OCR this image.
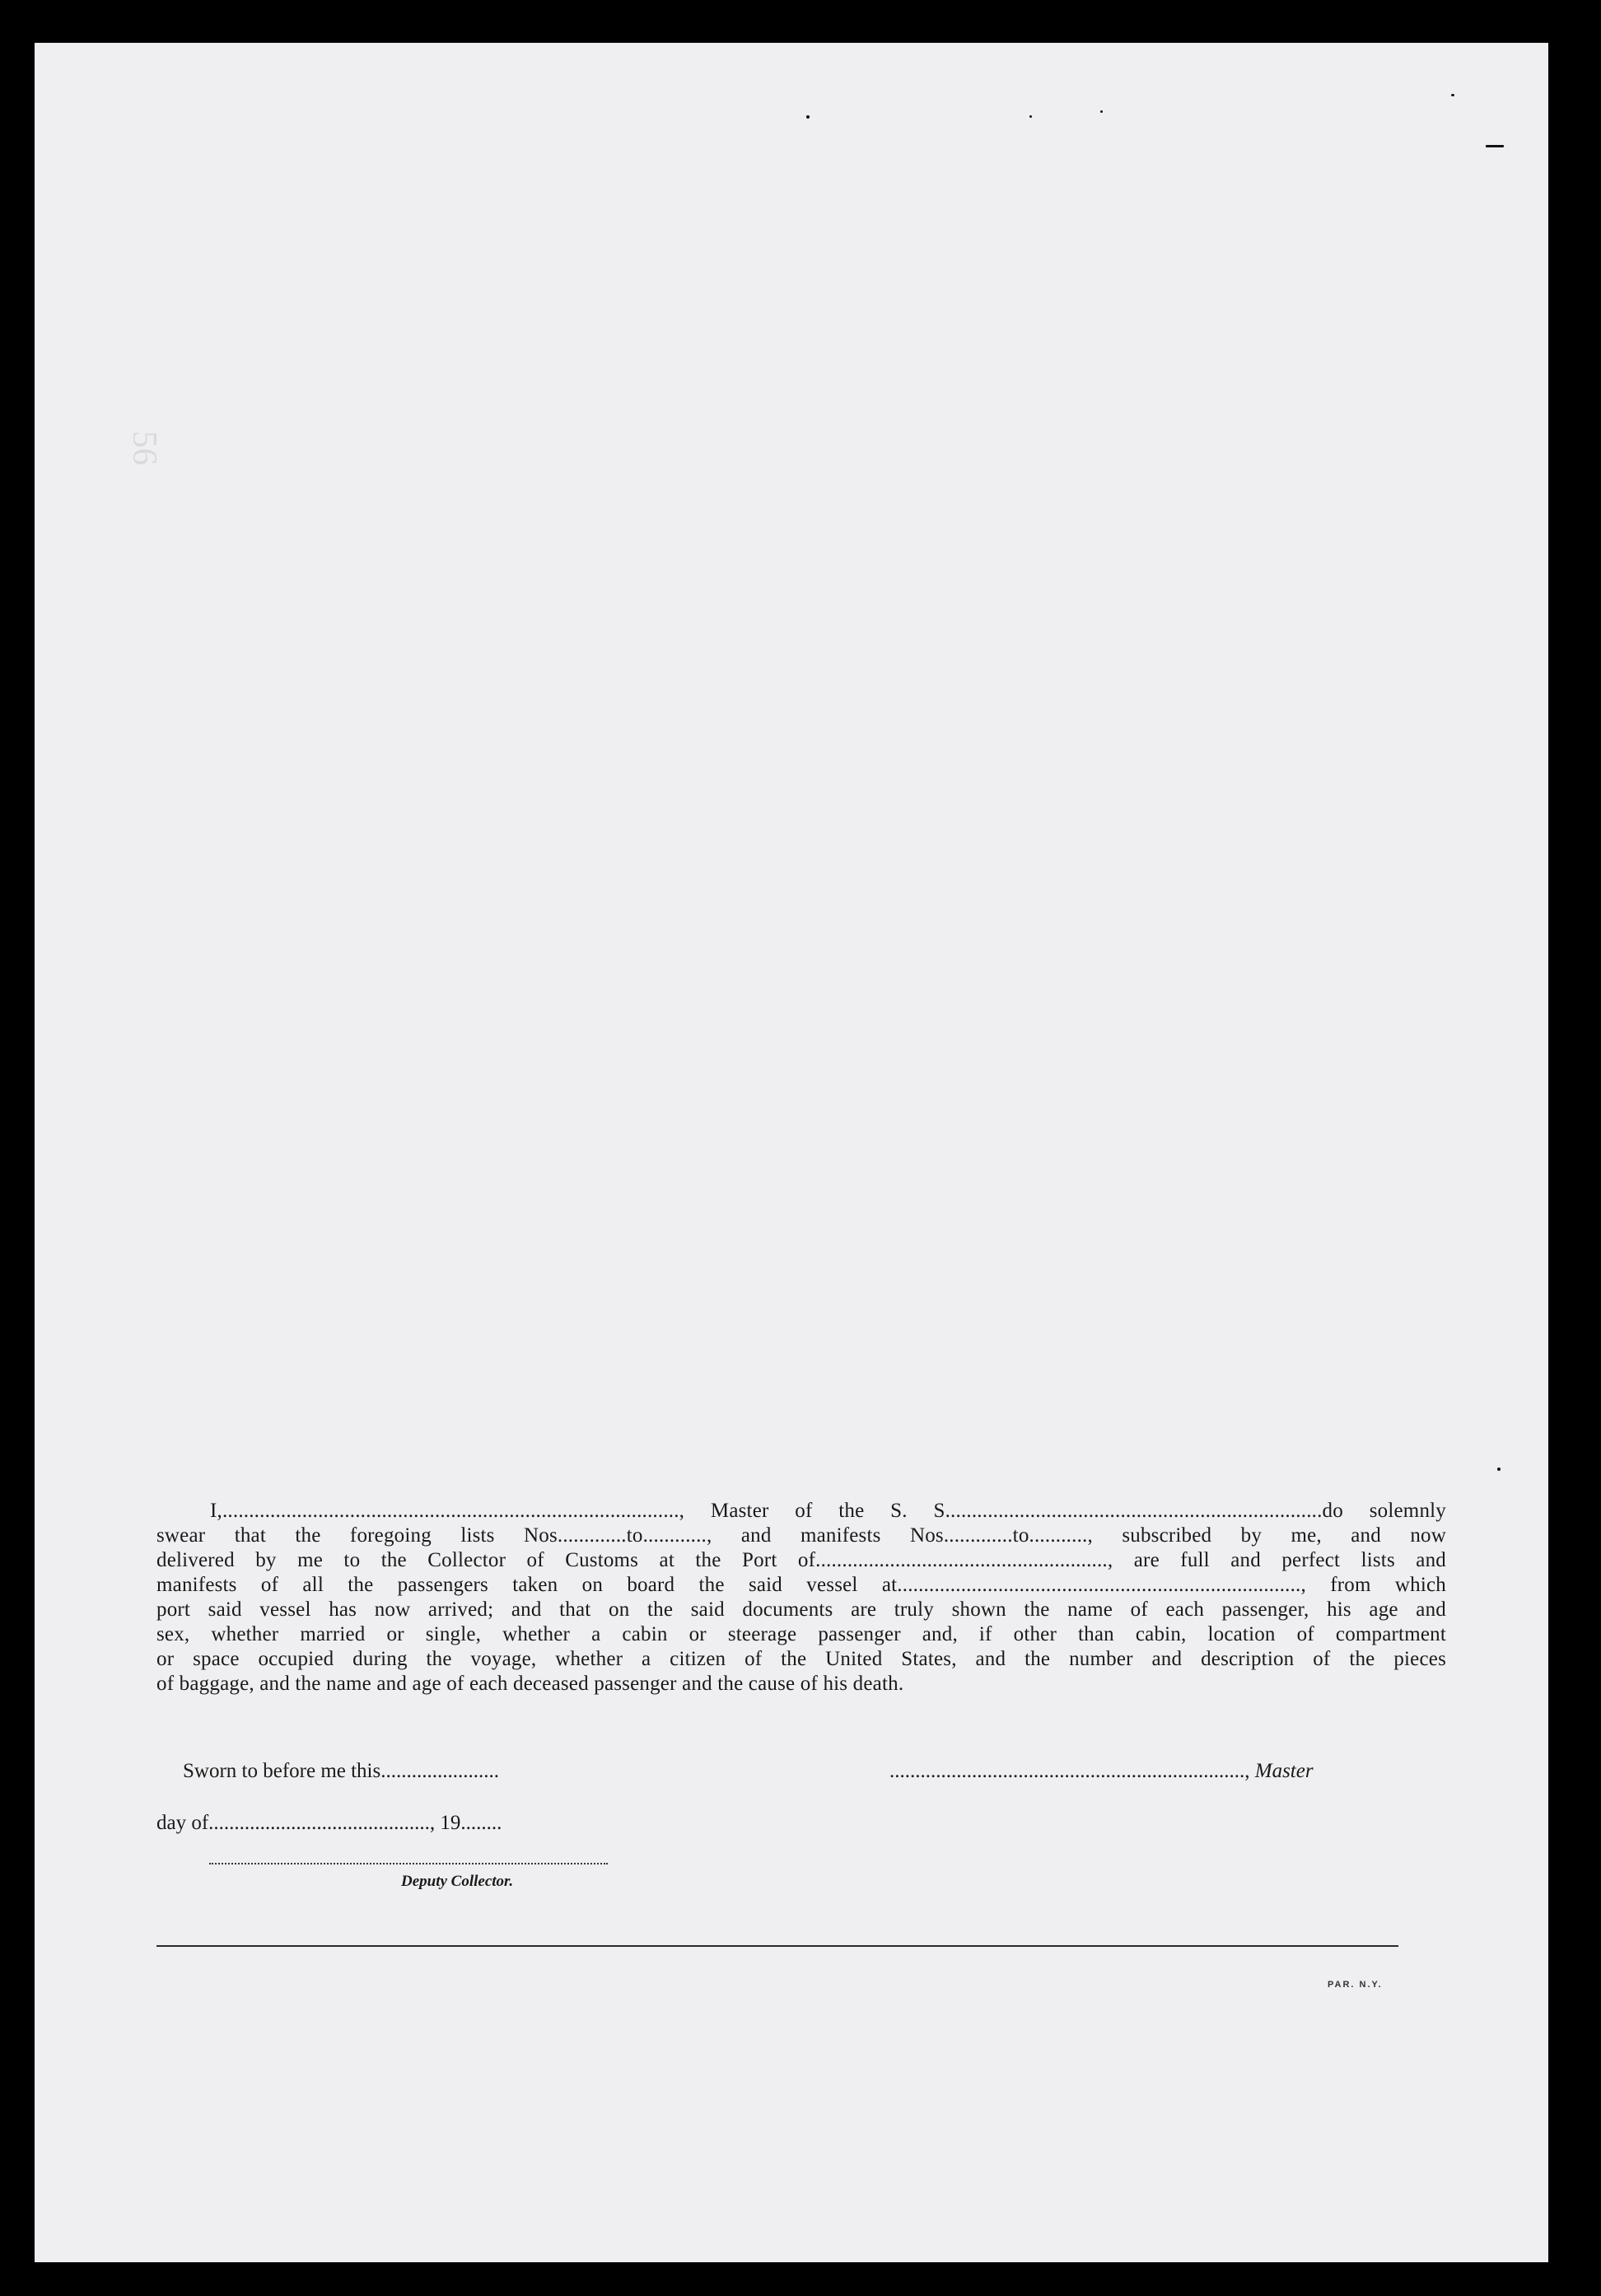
56
I,......................................................................................, Master of the S. S.......................................................................do solemnly
swear that the foregoing lists Nos.............to............, and manifests Nos.............to..........., subscribed by me, and now
delivered by me to the Collector of Customs at the Port of......................................................., are full and perfect lists and
manifests of all the passengers taken on board the said vessel at............................................................................, from which
port said vessel has now arrived; and that on the said documents are truly shown the name of each passenger, his age and
sex, whether married or single, whether a cabin or steerage passenger and, if other than cabin, location of compartment
or space occupied during the voyage, whether a citizen of the United States, and the number and description of the pieces
of baggage, and the name and age of each deceased passenger and the cause of his death.
Sworn to before me this.......................	....................................................................., Master
day of..........................................., 19........
Deputy Collector.
PAR. N.Y.
